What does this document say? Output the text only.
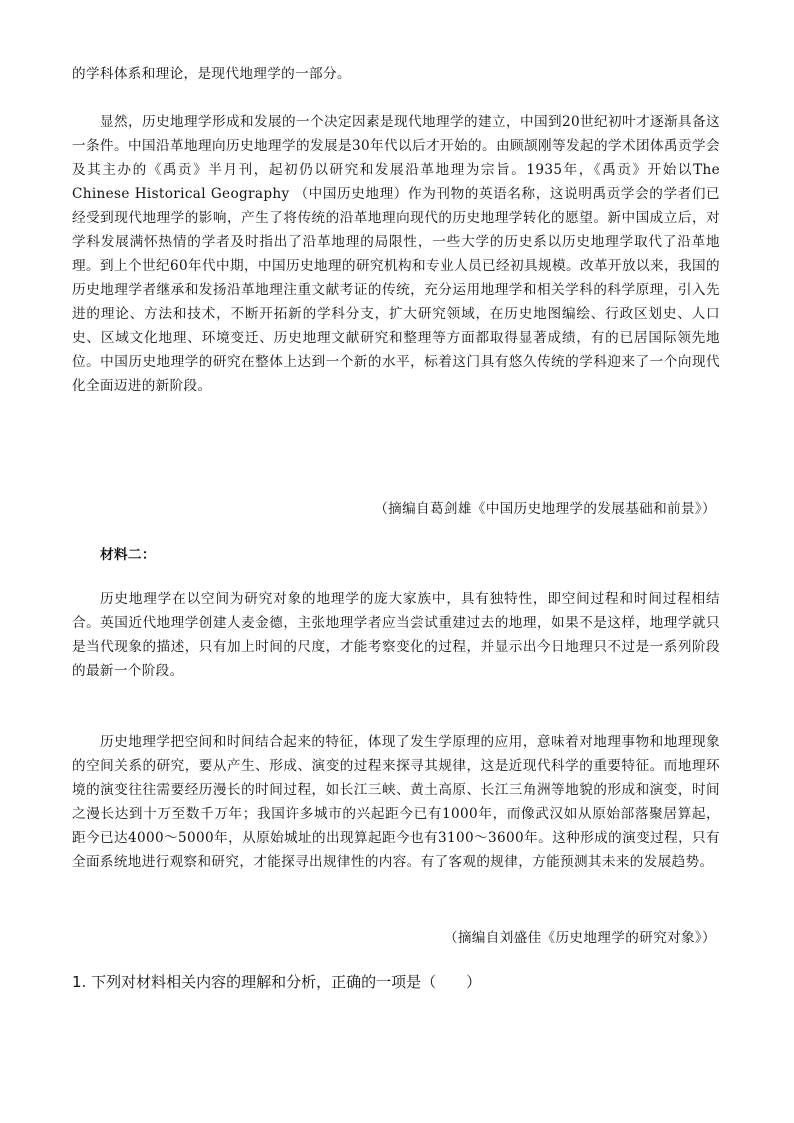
的学科体系和理论，是现代地理学的一部分。

显然，历史地理学形成和发展的一个决定因素是现代地理学的建立，中国到20世纪初叶才逐渐具备这一条件。中国沿革地理向历史地理学的发展是30年代以后才开始的。由顾颉刚等发起的学术团体禹贡学会及其主办的《禹贡》半月刊，起初仍以研究和发展沿革地理为宗旨。1935年，《禹贡》开始以The Chinese Historical Geography （中国历史地理）作为刊物的英语名称，这说明禹贡学会的学者们已经受到现代地理学的影响，产生了将传统的沿革地理向现代的历史地理学转化的愿望。新中国成立后，对学科发展满怀热情的学者及时指出了沿革地理的局限性，一些大学的历史系以历史地理学取代了沿革地理。到上个世纪60年代中期，中国历史地理的研究机构和专业人员已经初具规模。改革开放以来，我国的历史地理学者继承和发扬沿革地理注重文献考证的传统，充分运用地理学和相关学科的科学原理，引入先进的理论、方法和技术，不断开拓新的学科分支，扩大研究领域，在历史地图编绘、行政区划史、人口史、区域文化地理、环境变迁、历史地理文献研究和整理等方面都取得显著成绩，有的已居国际领先地位。中国历史地理学的研究在整体上达到一个新的水平，标着这门具有悠久传统的学科迎来了一个向现代化全面迈进的新阶段。

（摘编自葛剑雄《中国历史地理学的发展基础和前景》）

材料二：

历史地理学在以空间为研究对象的地理学的庞大家族中，具有独特性，即空间过程和时间过程相结合。英国近代地理学创建人麦金德，主张地理学者应当尝试重建过去的地理，如果不是这样，地理学就只是当代现象的描述，只有加上时间的尺度，才能考察变化的过程，并显示出今日地理只不过是一系列阶段的最新一个阶段。

历史地理学把空间和时间结合起来的特征，体现了发生学原理的应用，意味着对地理事物和地理现象的空间关系的研究，要从产生、形成、演变的过程来探寻其规律，这是近现代科学的重要特征。而地理环境的演变往往需要经历漫长的时间过程，如长江三峡、黄土高原、长江三角洲等地貌的形成和演变，时间之漫长达到十万至数千万年；我国许多城市的兴起距今已有1000年，而像武汉如从原始部落聚居算起，距今已达4000～5000年，从原始城址的出现算起距今也有3100～3600年。这种形成的演变过程，只有全面系统地进行观察和研究，才能探寻出规律性的内容。有了客观的规律，方能预测其未来的发展趋势。

（摘编自刘盛佳《历史地理学的研究对象》）

1. 下列对材料相关内容的理解和分析，正确的一项是（　　）
